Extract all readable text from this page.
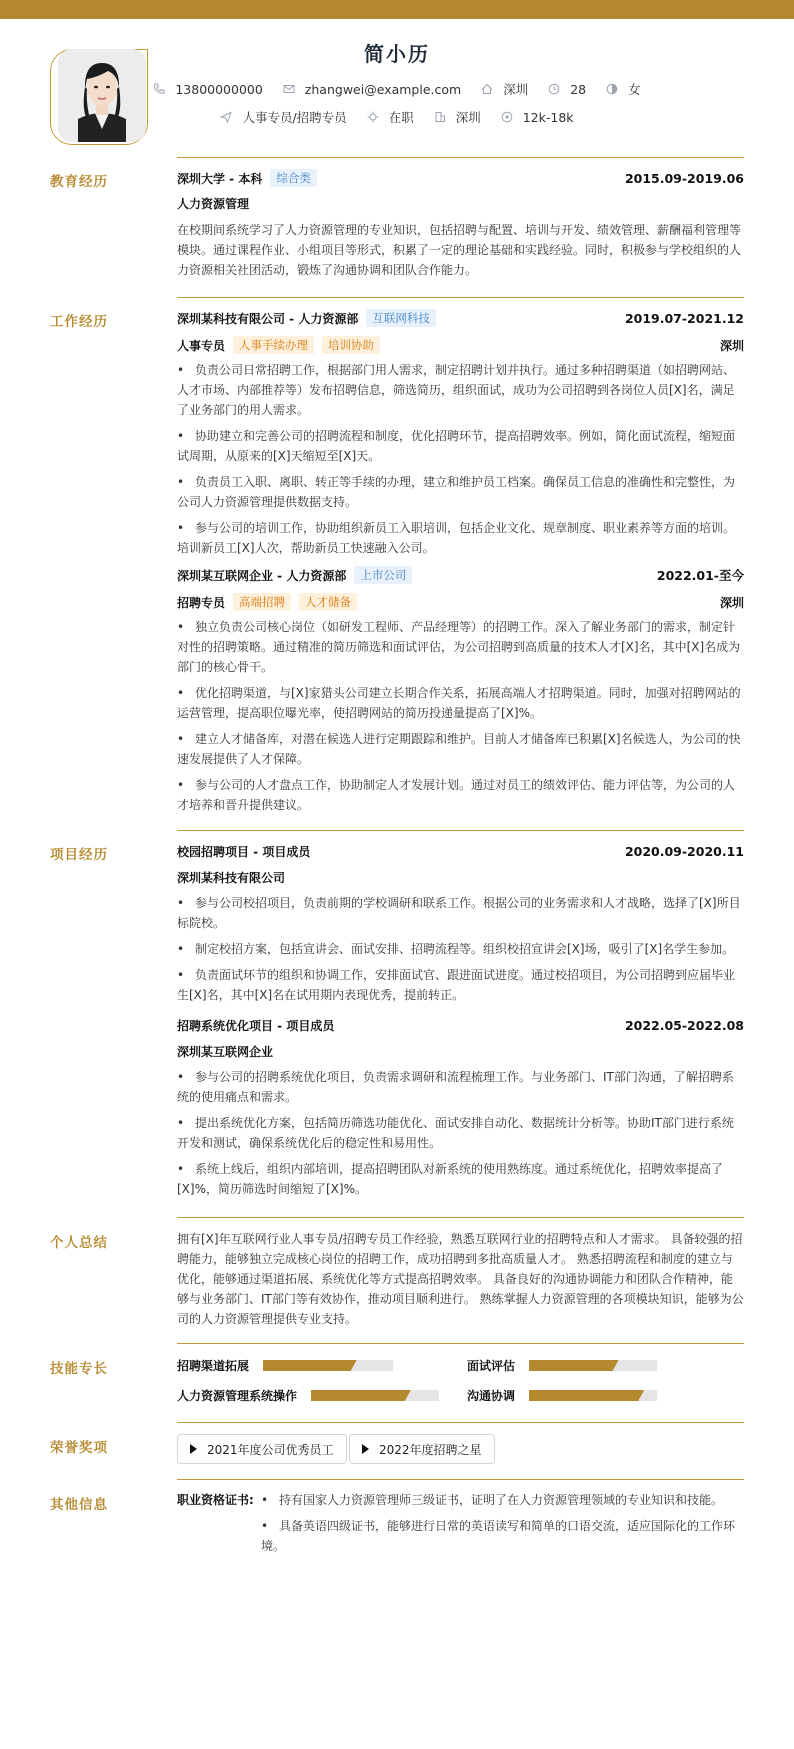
简小历
13800000000	zhangwei@example.com	深圳	28	女
人事专员/招聘专员	在职	深圳	12k-18k
教育经历	深圳大学 - 本科	综合类	2015.09-2019.06
人力资源管理
在校期间系统学习了人力资源管理的专业知识，包括招聘与配置、培训与开发、绩效管理、薪酬福利管理等模块。通过课程作业、小组项目等形式，积累了一定的理论基础和实践经验。同时，积极参与学校组织的人力资源相关社团活动，锻炼了沟通协调和团队合作能力。
工作经历	深圳某科技有限公司 - 人力资源部	互联网科技	2019.07-2021.12
人事专员	人事手续办理	培训协助	深圳
• 负责公司日常招聘工作，根据部门用人需求，制定招聘计划并执行。通过多种招聘渠道（如招聘网站、人才市场、内部推荐等）发布招聘信息，筛选简历，组织面试，成功为公司招聘到各岗位人员[X]名，满足了业务部门的用人需求。
• 协助建立和完善公司的招聘流程和制度，优化招聘环节，提高招聘效率。例如，简化面试流程，缩短面试周期，从原来的[X]天缩短至[X]天。
• 负责员工入职、离职、转正等手续的办理，建立和维护员工档案。确保员工信息的准确性和完整性，为公司人力资源管理提供数据支持。
• 参与公司的培训工作，协助组织新员工入职培训，包括企业文化、规章制度、职业素养等方面的培训。培训新员工[X]人次，帮助新员工快速融入公司。
深圳某互联网企业 - 人力资源部	上市公司	2022.01-至今
招聘专员	高端招聘	人才储备	深圳
• 独立负责公司核心岗位（如研发工程师、产品经理等）的招聘工作。深入了解业务部门的需求，制定针对性的招聘策略。通过精准的简历筛选和面试评估，为公司招聘到高质量的技术人才[X]名，其中[X]名成为部门的核心骨干。
• 优化招聘渠道，与[X]家猎头公司建立长期合作关系，拓展高端人才招聘渠道。同时，加强对招聘网站的运营管理，提高职位曝光率，使招聘网站的简历投递量提高了[X]%。
• 建立人才储备库，对潜在候选人进行定期跟踪和维护。目前人才储备库已积累[X]名候选人，为公司的快速发展提供了人才保障。
• 参与公司的人才盘点工作，协助制定人才发展计划。通过对员工的绩效评估、能力评估等，为公司的人才培养和晋升提供建议。
项目经历	校园招聘项目 - 项目成员	2020.09-2020.11
深圳某科技有限公司
• 参与公司校招项目，负责前期的学校调研和联系工作。根据公司的业务需求和人才战略，选择了[X]所目标院校。
• 制定校招方案，包括宣讲会、面试安排、招聘流程等。组织校招宣讲会[X]场，吸引了[X]名学生参加。
• 负责面试环节的组织和协调工作，安排面试官、跟进面试进度。通过校招项目，为公司招聘到应届毕业生[X]名，其中[X]名在试用期内表现优秀，提前转正。
招聘系统优化项目 - 项目成员	2022.05-2022.08
深圳某互联网企业
• 参与公司的招聘系统优化项目，负责需求调研和流程梳理工作。与业务部门、IT部门沟通，了解招聘系统的使用痛点和需求。
• 提出系统优化方案，包括简历筛选功能优化、面试安排自动化、数据统计分析等。协助IT部门进行系统开发和测试，确保系统优化后的稳定性和易用性。
• 系统上线后，组织内部培训，提高招聘团队对新系统的使用熟练度。通过系统优化，招聘效率提高了[X]%，简历筛选时间缩短了[X]%。
个人总结	拥有[X]年互联网行业人事专员/招聘专员工作经验，熟悉互联网行业的招聘特点和人才需求。 具备较强的招聘能力，能够独立完成核心岗位的招聘工作，成功招聘到多批高质量人才。 熟悉招聘流程和制度的建立与优化，能够通过渠道拓展、系统优化等方式提高招聘效率。 具备良好的沟通协调能力和团队合作精神，能够与业务部门、IT部门等有效协作，推动项目顺利进行。 熟练掌握人力资源管理的各项模块知识，能够为公司的人力资源管理提供专业支持。
技能专长	招聘渠道拓展	面试评估
人力资源管理系统操作	沟通协调
荣誉奖项	2021年度公司优秀员工	2022年度招聘之星
其他信息	职业资格证书: • 持有国家人力资源管理师三级证书，证明了在人力资源管理领域的专业知识和技能。
• 具备英语四级证书，能够进行日常的英语读写和简单的口语交流，适应国际化的工作环境。
